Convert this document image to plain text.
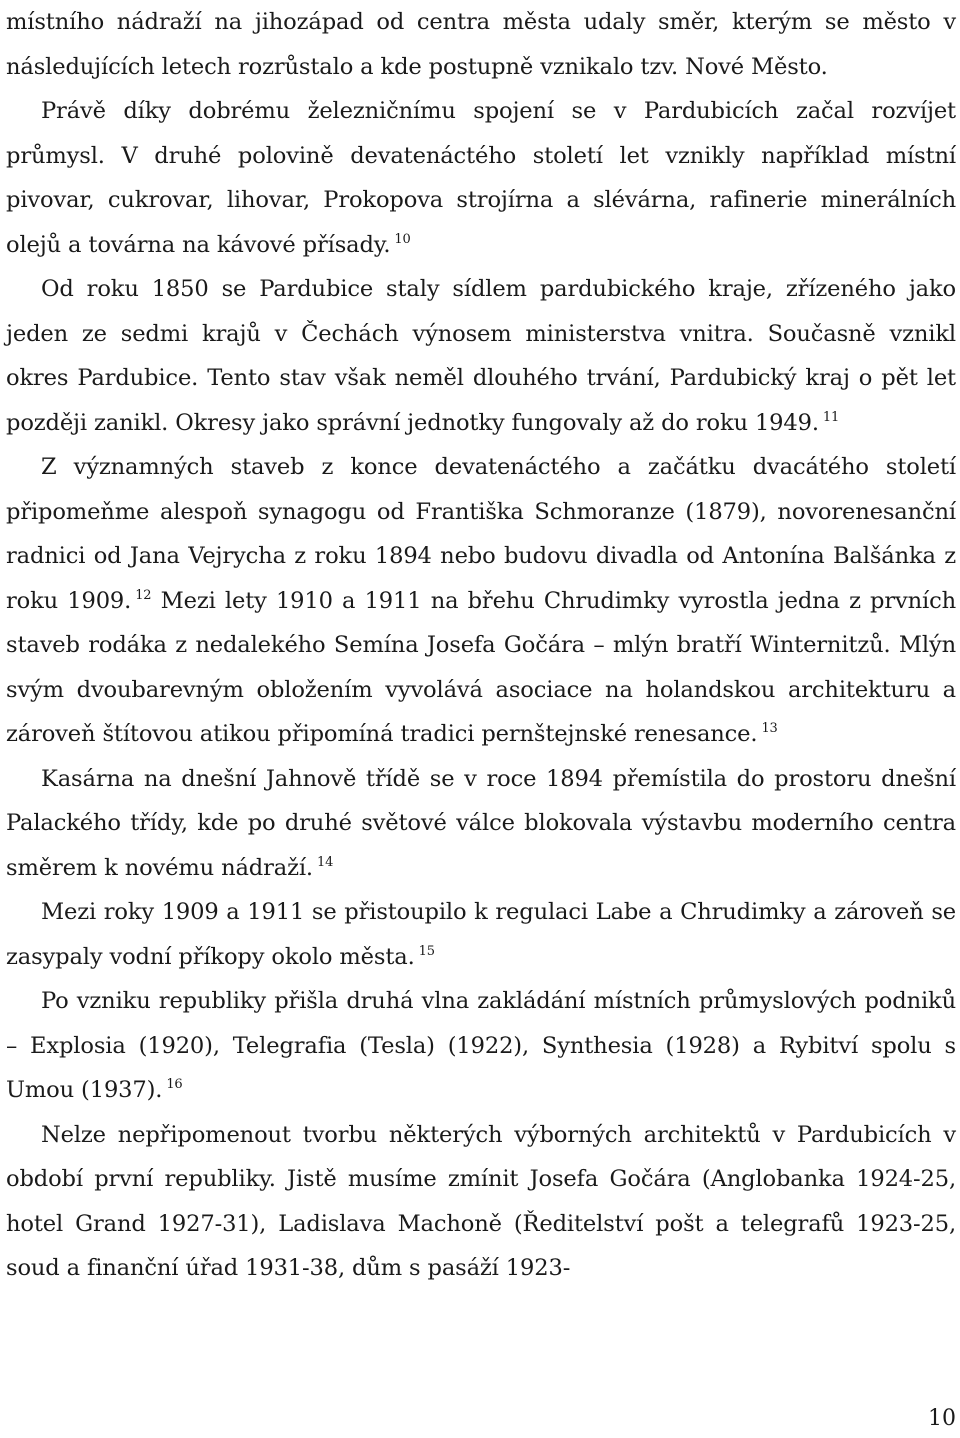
místního nádraží na jihozápad od centra města udaly směr, kterým se město v následujících letech rozrůstalo a kde postupně vznikalo tzv. Nové Město.

Právě díky dobrému železničnímu spojení se v Pardubicích začal rozvíjet průmysl. V druhé polovině devatenáctého století let vznikly například místní pivovar, cukrovar, lihovar, Prokopova strojírna a slévárna, rafinerie minerálních olejů a továrna na kávové přísady. $^{10}$

Od roku 1850 se Pardubice staly sídlem pardubického kraje, zřízeného jako jeden ze sedmi krajů v Čechách výnosem ministerstva vnitra. Současně vznikl okres Pardubice. Tento stav však neměl dlouhého trvání, Pardubický kraj o pět let později zanikl. Okresy jako správní jednotky fungovaly až do roku 1949. $^{11}$

Z významných staveb z konce devatenáctého a začátku dvacátého století připomeňme alespoň synagogu od Františka Schmoranze (1879), novorenesanční radnici od Jana Vejrycha z roku 1894 nebo budovu divadla od Antonína Balšánka z roku 1909. $^{12}$ Mezi lety 1910 a 1911 na břehu Chrudimky vyrostla jedna z prvních staveb rodáka z nedalekého Semína Josefa Gočára – mlýn bratří Winternitzů. Mlýn svým dvoubarevným obložením vyvolává asociace na holandskou architekturu a zároveň štítovou atikou připomíná tradici pernštejnské renesance. $^{13}$

Kasárna na dnešní Jahnově třídě se v roce 1894 přemístila do prostoru dnešní Palackého třídy, kde po druhé světové válce blokovala výstavbu moderního centra směrem k novému nádraží. $^{14}$

Mezi roky 1909 a 1911 se přistoupilo k regulaci Labe a Chrudimky a zároveň se zasypaly vodní příkopy okolo města. $^{15}$

Po vzniku republiky přišla druhá vlna zakládání místních průmyslových podniků – Explosia (1920), Telegrafia (Tesla) (1922), Synthesia (1928) a Rybitví spolu s Umou (1937). $^{16}$

Nelze nepřipomenout tvorbu některých výborných architektů v Pardubicích v období první republiky. Jistě musíme zmínit Josefa Gočára (Anglobanka 1924-25, hotel Grand 1927-31), Ladislava Machoně (Ředitelství pošt a telegrafů 1923-25, soud a finanční úřad 1931-38, dům s pasáží 1923-

10
